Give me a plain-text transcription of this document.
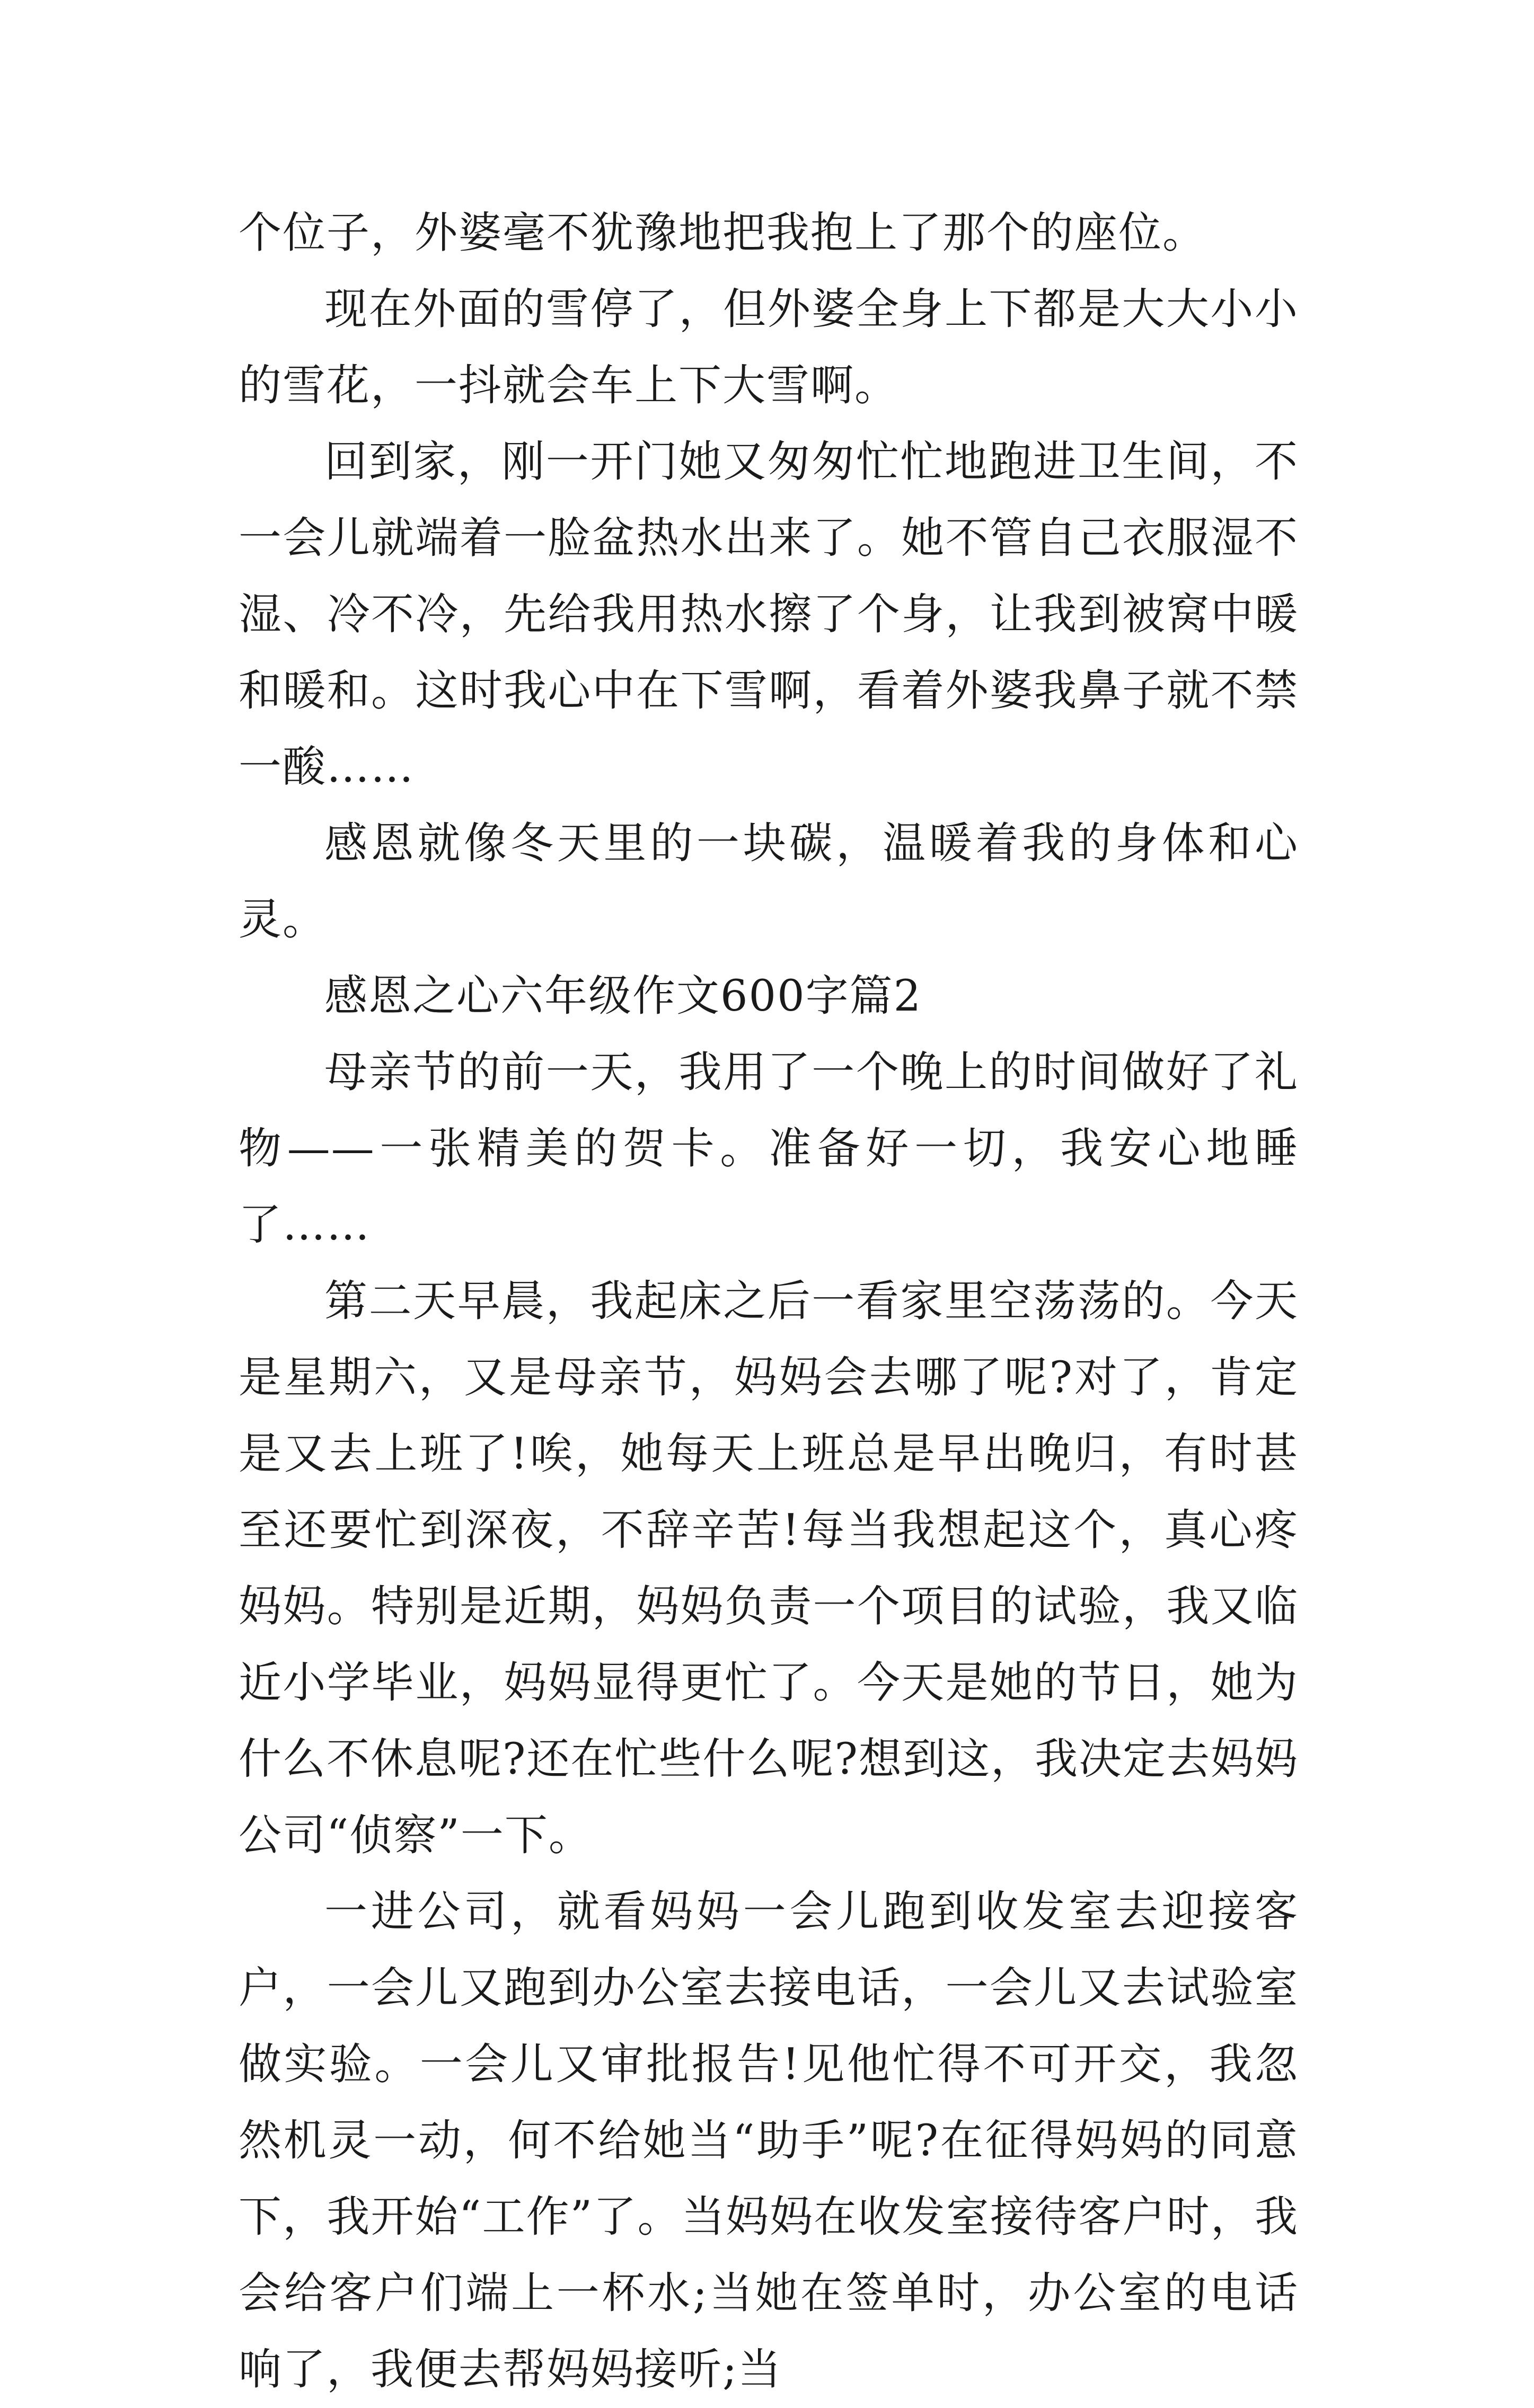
个位子，外婆毫不犹豫地把我抱上了那个的座位。

现在外面的雪停了，但外婆全身上下都是大大小小的雪花，一抖就会车上下大雪啊。

回到家，刚一开门她又匆匆忙忙地跑进卫生间，不一会儿就端着一脸盆热水出来了。她不管自己衣服湿不湿、冷不冷，先给我用热水擦了个身，让我到被窝中暖和暖和。这时我心中在下雪啊，看着外婆我鼻子就不禁一酸……

感恩就像冬天里的一块碳，温暖着我的身体和心灵。

感恩之心六年级作文600字篇2

母亲节的前一天，我用了一个晚上的时间做好了礼物——一张精美的贺卡。准备好一切，我安心地睡了……

第二天早晨，我起床之后一看家里空荡荡的。今天是星期六，又是母亲节，妈妈会去哪了呢?对了，肯定是又去上班了!唉，她每天上班总是早出晚归，有时甚至还要忙到深夜，不辞辛苦!每当我想起这个，真心疼妈妈。特别是近期，妈妈负责一个项目的试验，我又临近小学毕业，妈妈显得更忙了。今天是她的节日，她为什么不休息呢?还在忙些什么呢?想到这，我决定去妈妈公司“侦察”一下。

一进公司，就看妈妈一会儿跑到收发室去迎接客户，一会儿又跑到办公室去接电话，一会儿又去试验室做实验。一会儿又审批报告!见他忙得不可开交，我忽然机灵一动，何不给她当“助手”呢?在征得妈妈的同意下，我开始“工作”了。当妈妈在收发室接待客户时，我会给客户们端上一杯水;当她在签单时，办公室的电话响了，我便去帮妈妈接听;当
